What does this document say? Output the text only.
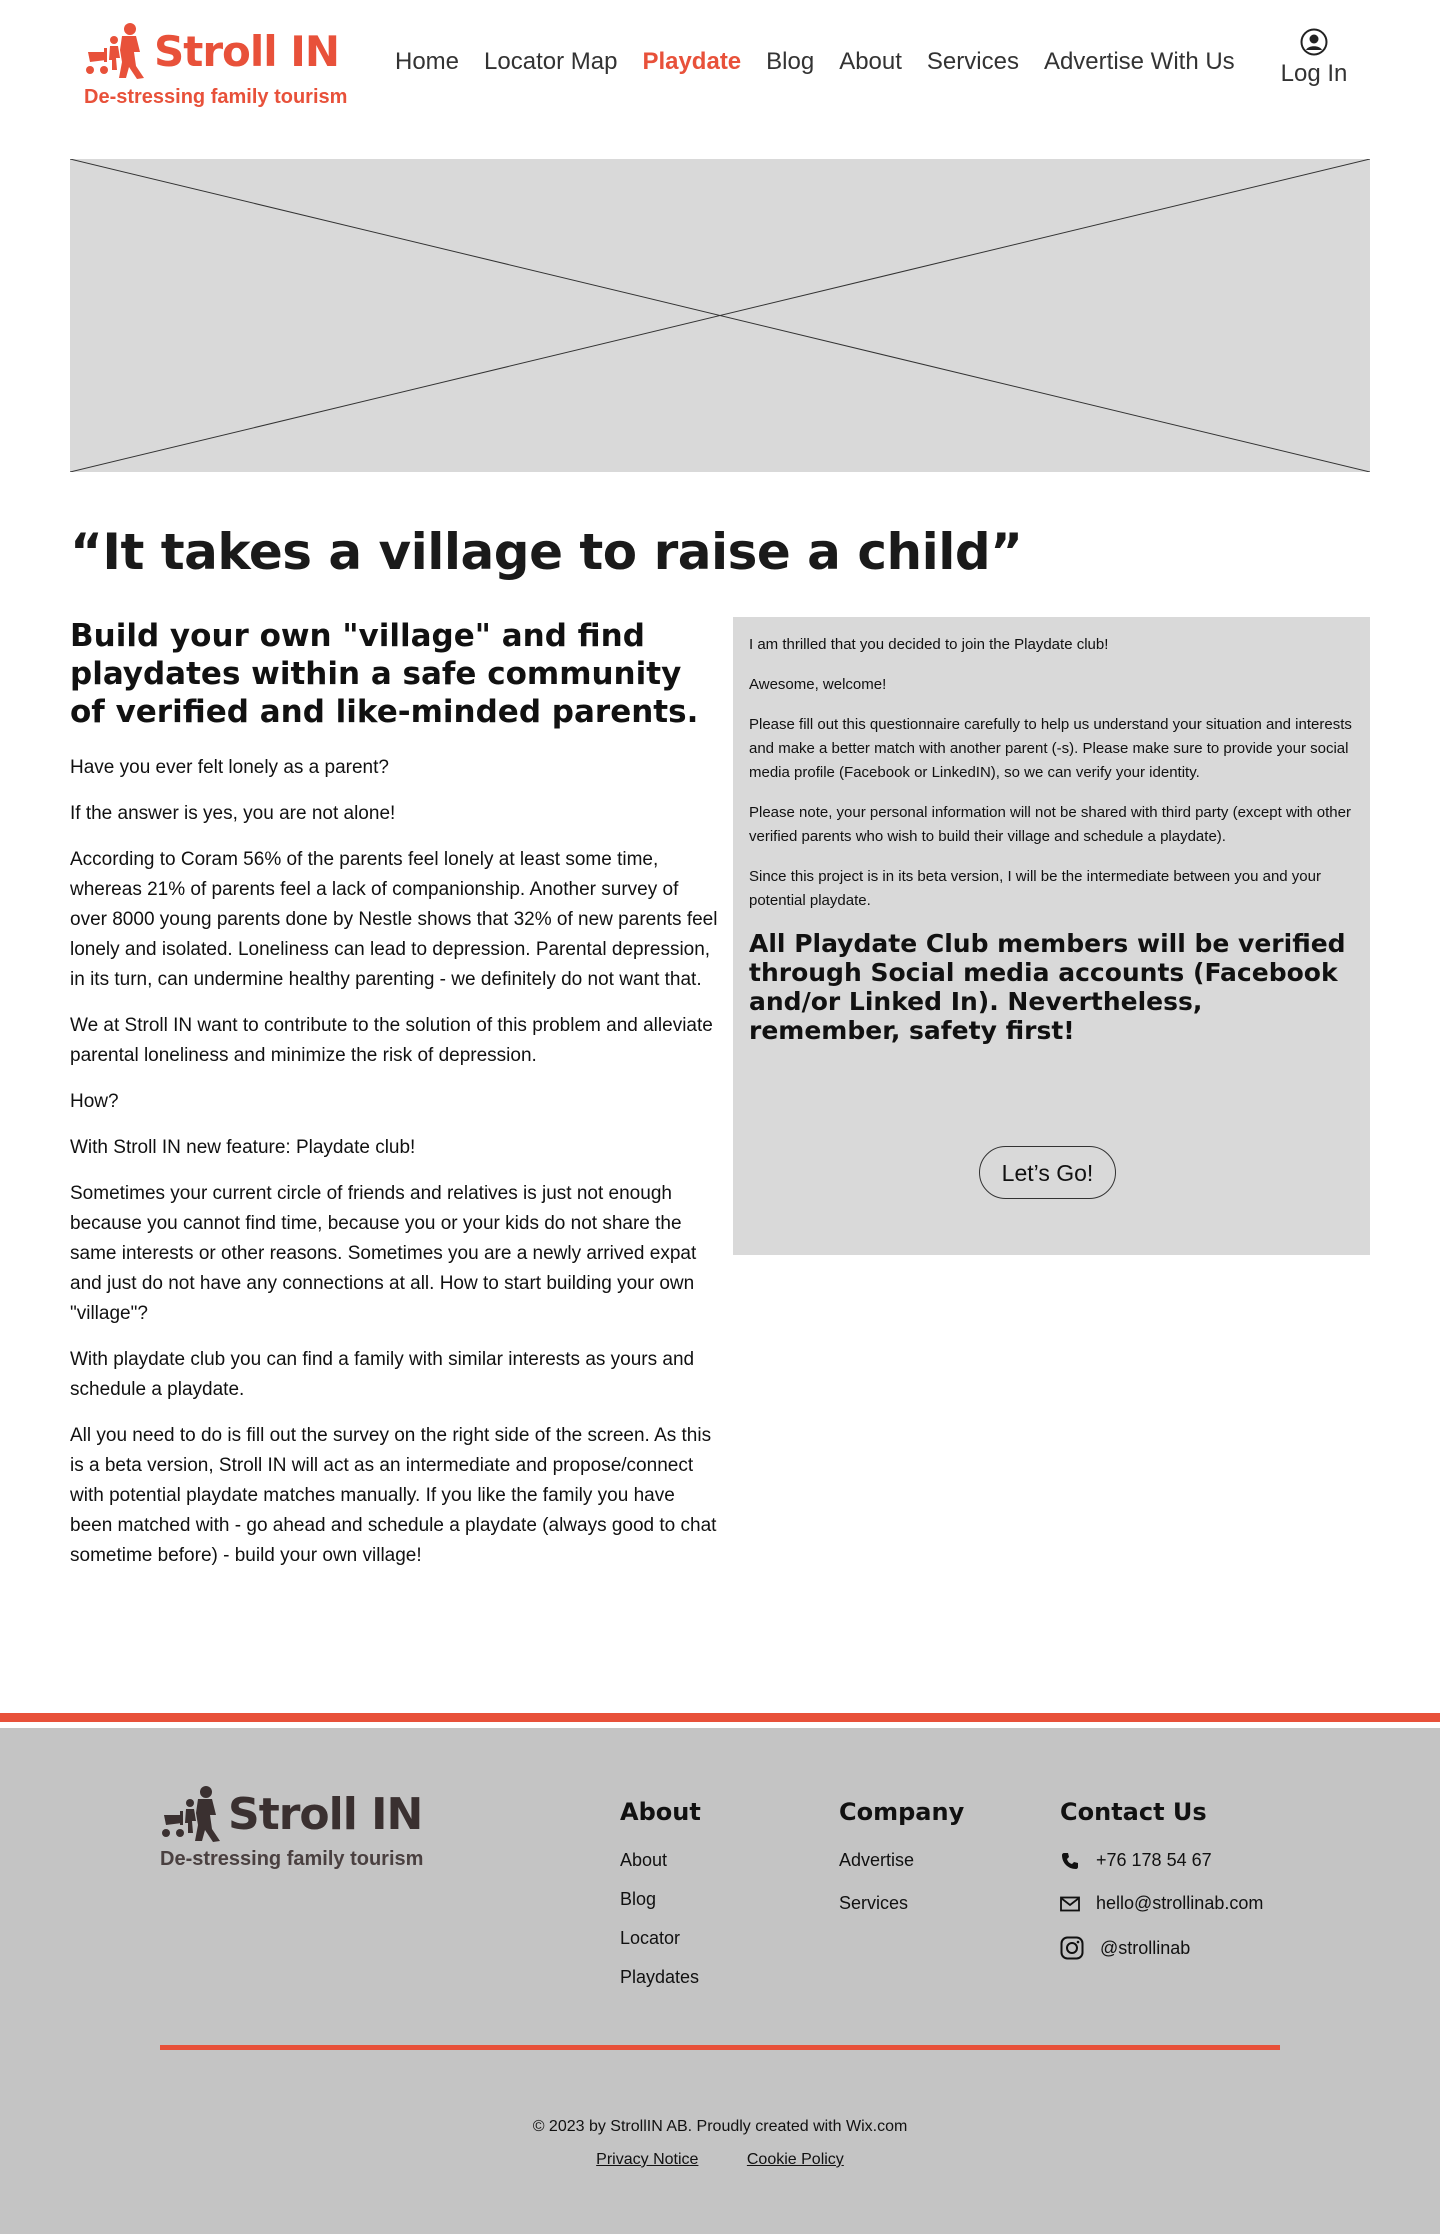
Stroll IN
De-stressing family tourism
Home Locator Map Playdate Blog About Services Advertise With Us Log In
“It takes a village to raise a child”
Build your own "village" and find playdates within a safe community of verified and like-minded parents.

Have you ever felt lonely as a parent?

If the answer is yes, you are not alone!

According to Coram 56% of the parents feel lonely at least some time, whereas 21% of parents feel a lack of companionship. Another survey of over 8000 young parents done by Nestle shows that 32% of new parents feel lonely and isolated. Loneliness can lead to depression. Parental depression, in its turn, can undermine healthy parenting - we definitely do not want that.

We at Stroll IN want to contribute to the solution of this problem and alleviate parental loneliness and minimize the risk of depression.

How?

With Stroll IN new feature: Playdate club!

Sometimes your current circle of friends and relatives is just not enough because you cannot find time, because you or your kids do not share the same interests or other reasons. Sometimes you are a newly arrived expat and just do not have any connections at all. How to start building your own "village"?

With playdate club you can find a family with similar interests as yours and schedule a playdate.

All you need to do is fill out the survey on the right side of the screen. As this is a beta version, Stroll IN will act as an intermediate and propose/connect with potential playdate matches manually. If you like the family you have been matched with - go ahead and schedule a playdate (always good to chat sometime before) - build your own village!

I am thrilled that you decided to join the Playdate club!

Awesome, welcome!

Please fill out this questionnaire carefully to help us understand your situation and interests and make a better match with another parent (-s). Please make sure to provide your social media profile (Facebook or LinkedIN), so we can verify your identity.

Please note, your personal information will not be shared with third party (except with other verified parents who wish to build their village and schedule a playdate).

Since this project is in its beta version, I will be the intermediate between you and your potential playdate.

All Playdate Club members will be verified through Social media accounts (Facebook and/or Linked In). Nevertheless, remember, safety first!
Let’s Go!
Stroll IN
De-stressing family tourism
About
About
Blog
Locator
Playdates
Company
Advertise
Services
Contact Us
+76 178 54 67
hello@strollinab.com
@strollinab
© 2023 by StrollIN AB. Proudly created with Wix.com
Privacy Notice	Cookie Policy
